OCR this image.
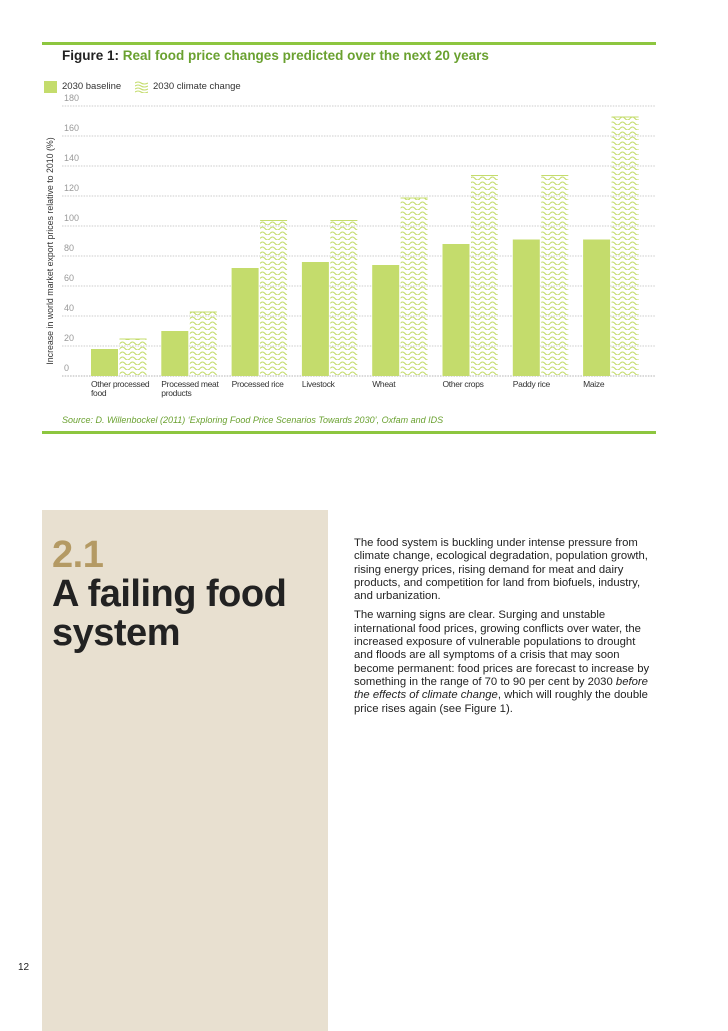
Figure 1: Real food price changes predicted over the next 20 years
2030 baseline	2030 climate change
0
20
40
60
80
100
120
140
160
180
Increase in world market export prices relative to 2010 (%)
Other processed food
Processed meat products
Processed rice Livestock	Wheat	Other crops	Paddy rice	Maize
Source: D. Willenbockel (2011) ‘Exploring Food Price Scenarios Towards 2030’, Oxfam and IDS
2.1
A failing food
system

The food system is buckling under intense pressure from climate change, ecological degradation, population growth, rising energy prices, rising demand for meat and dairy products, and competition for land from biofuels, industry, and urbanization.

The warning signs are clear. Surging and unstable international food prices, growing conflicts over water, the increased exposure of vulnerable populations to drought and floods are all symptoms of a crisis that may soon become permanent: food prices are forecast to increase by something in the range of 70 to 90 per cent by 2030 before the effects of climate change, which will roughly the double price rises again (see Figure 1).

12
